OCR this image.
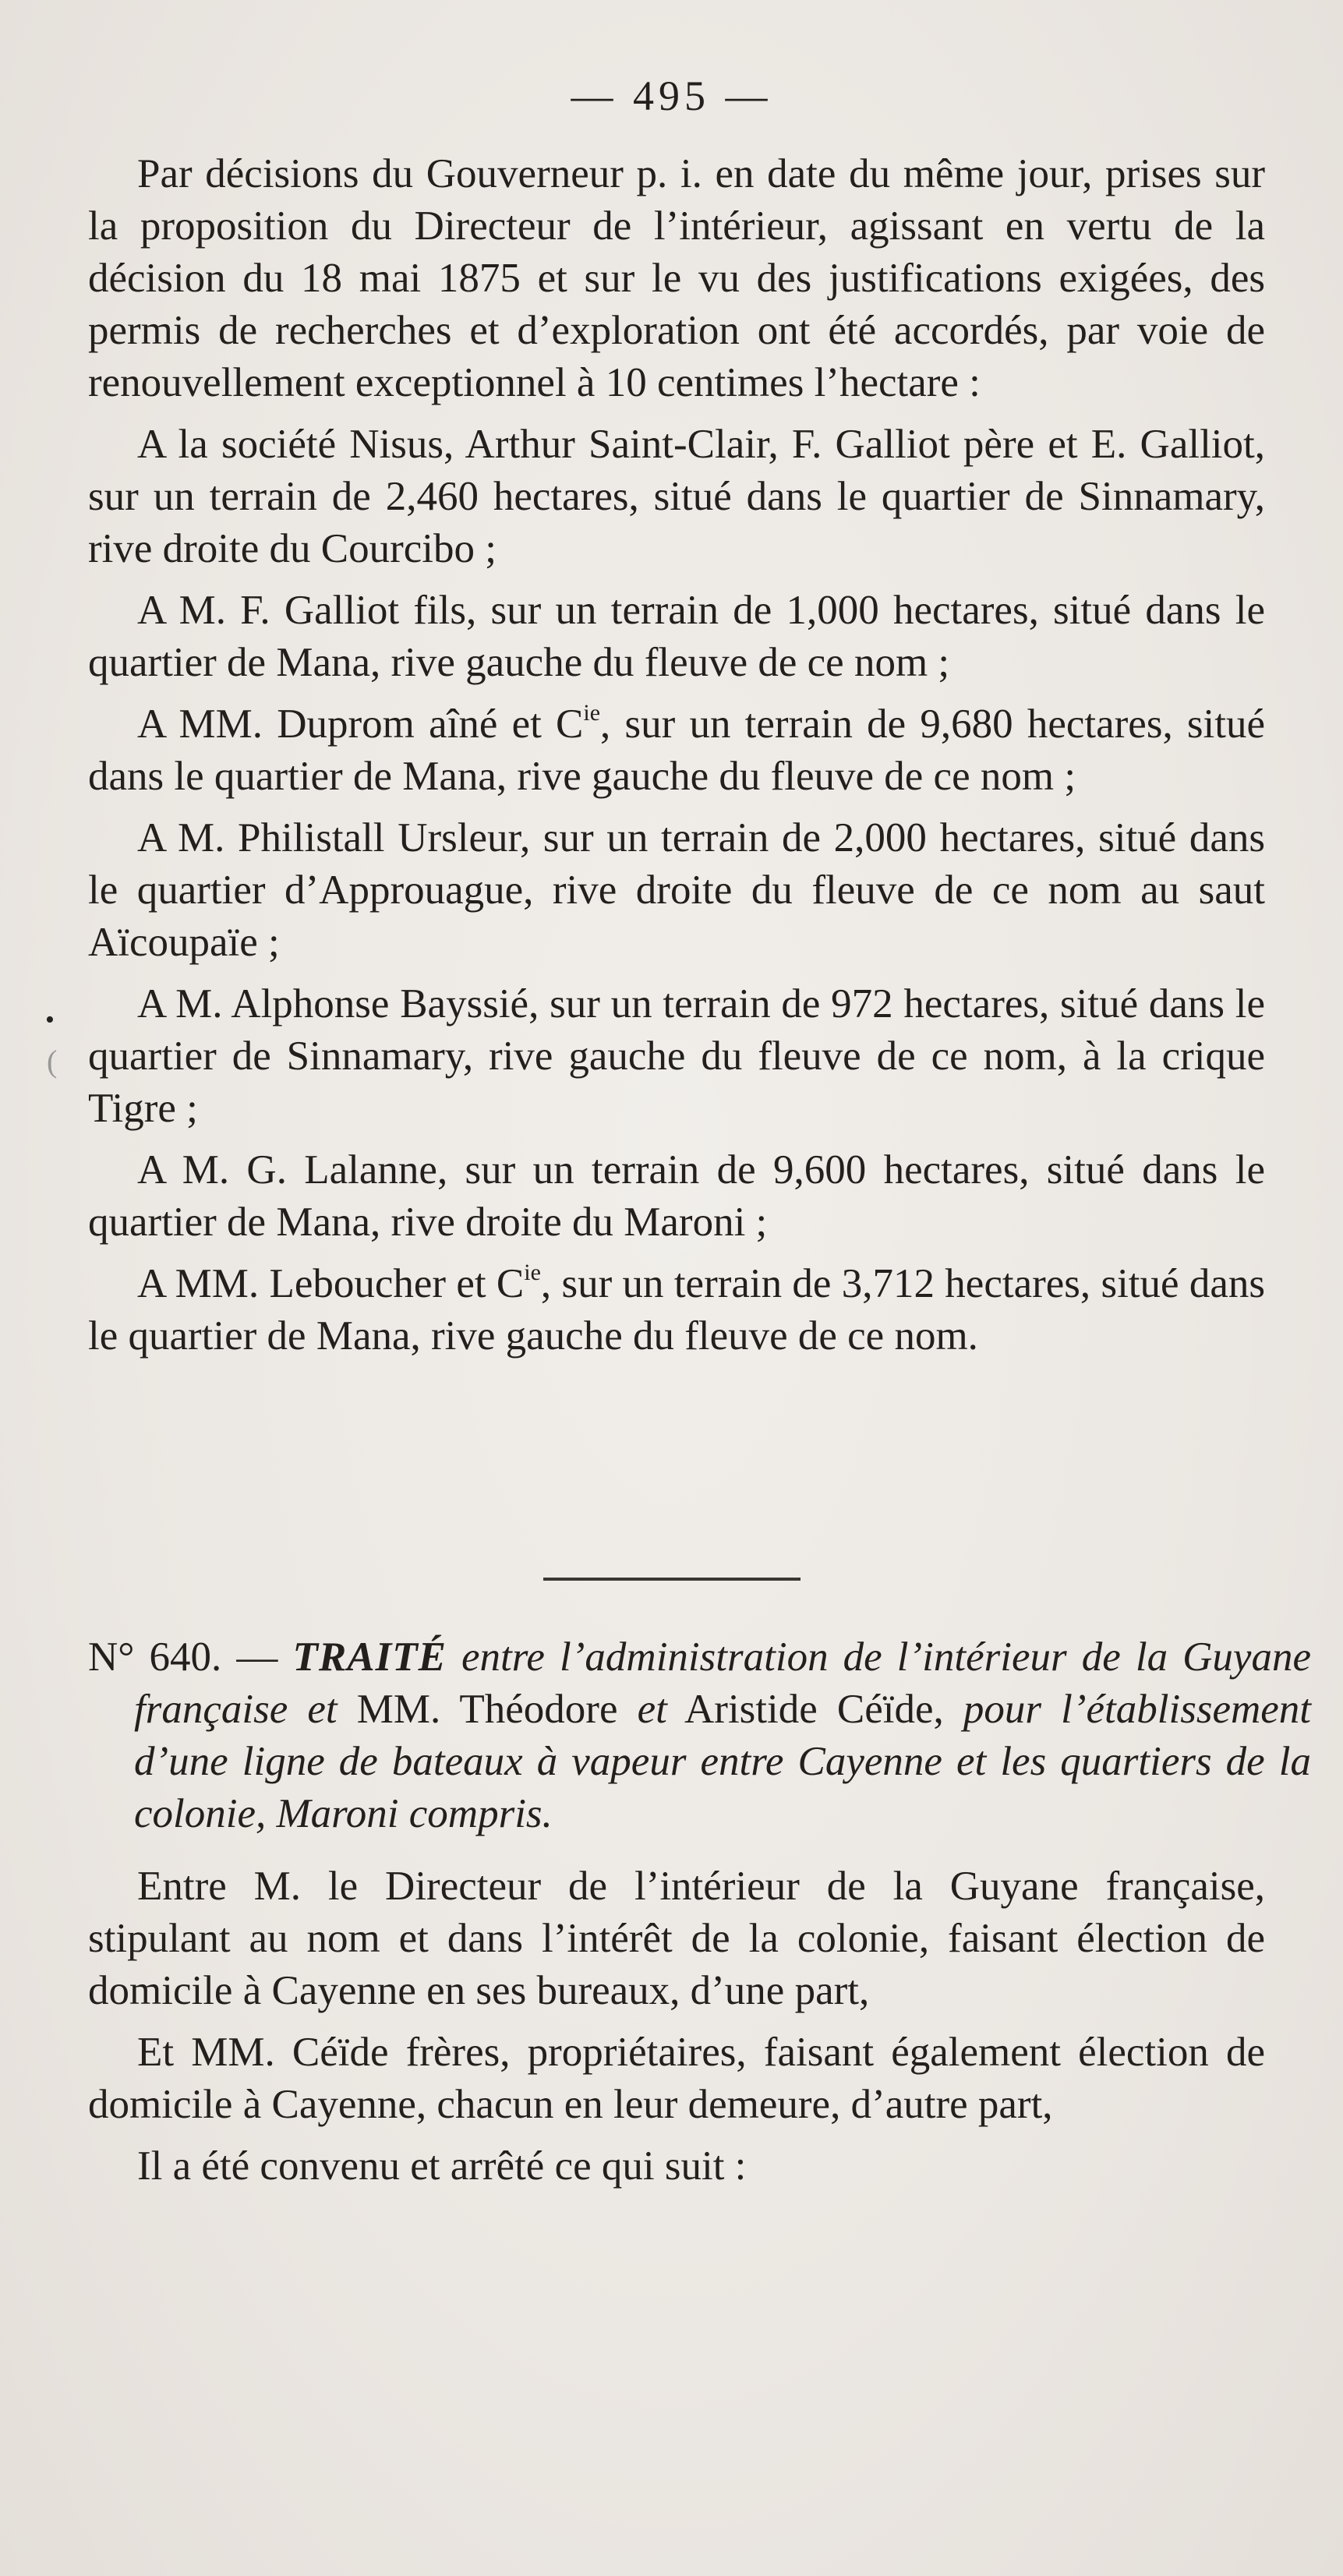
— 495 —
•
(

Par décisions du Gouverneur p. i. en date du même jour, prises sur la proposition du Directeur de l’intérieur, agissant en vertu de la décision du 18 mai 1875 et sur le vu des justifications exigées, des permis de recherches et d’exploration ont été accordés, par voie de renouvellement exceptionnel à 10 centimes l’hectare :

A la société Nisus, Arthur Saint-Clair, F. Galliot père et E. Galliot, sur un terrain de 2,460 hectares, situé dans le quartier de Sinnamary, rive droite du Courcibo ;

A M. F. Galliot fils, sur un terrain de 1,000 hectares, situé dans le quartier de Mana, rive gauche du fleuve de ce nom ;

A MM. Duprom aîné et $C^{ie}$, sur un terrain de 9,680 hectares, situé dans le quartier de Mana, rive gauche du fleuve de ce nom ;

A M. Philistall Ursleur, sur un terrain de 2,000 hectares, situé dans le quartier d’Approuague, rive droite du fleuve de ce nom au saut Aïcoupaïe ;

A M. Alphonse Bayssié, sur un terrain de 972 hectares, situé dans le quartier de Sinnamary, rive gauche du fleuve de ce nom, à la crique Tigre ;

A M. G. Lalanne, sur un terrain de 9,600 hectares, situé dans le quartier de Mana, rive droite du Maroni ;

A MM. Leboucher et $C^{ie}$, sur un terrain de 3,712 hectares, situé dans le quartier de Mana, rive gauche du fleuve de ce nom.

N° 640. — TRAITÉ entre l’administration de l’intérieur de la Guyane française et MM. Théodore et Aristide Céïde, pour l’établissement d’une ligne de bateaux à vapeur entre Cayenne et les quartiers de la colonie, Maroni compris.

Entre M. le Directeur de l’intérieur de la Guyane française, stipulant au nom et dans l’intérêt de la colonie, faisant élection de domicile à Cayenne en ses bureaux, d’une part,

Et MM. Céïde frères, propriétaires, faisant également élection de domicile à Cayenne, chacun en leur demeure, d’autre part,

Il a été convenu et arrêté ce qui suit :
